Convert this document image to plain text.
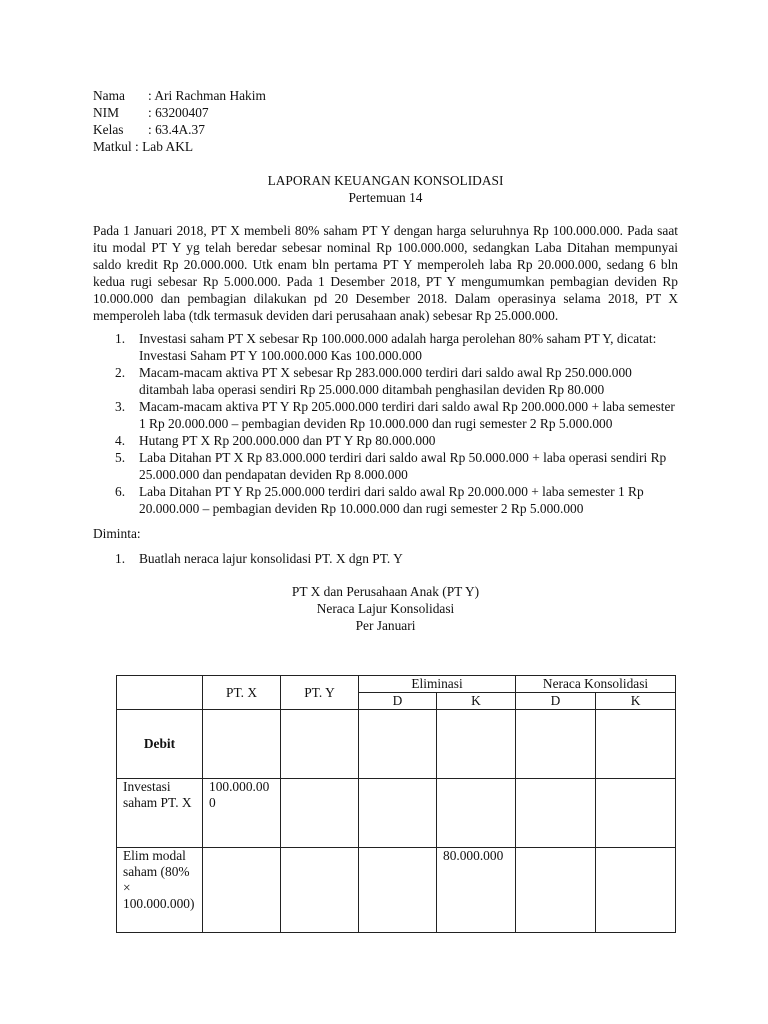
Nama	: Ari Rachman Hakim
NIM	: 63200407
Kelas	: 63.4A.37
Matkul : Lab AKL
LAPORAN KEUANGAN KONSOLIDASI
Pertemuan 14

Pada 1 Januari 2018, PT X membeli 80% saham PT Y dengan harga seluruhnya Rp 100.000.000. Pada saat itu modal PT Y yg telah beredar sebesar nominal Rp 100.000.000, sedangkan Laba Ditahan mempunyai saldo kredit Rp 20.000.000. Utk enam bln pertama PT Y memperoleh laba Rp 20.000.000, sedang 6 bln kedua rugi sebesar Rp 5.000.000. Pada 1 Desember 2018, PT Y mengumumkan pembagian deviden Rp 10.000.000 dan pembagian dilakukan pd 20 Desember 2018. Dalam operasinya selama 2018, PT X memperoleh laba (tdk termasuk deviden dari perusahaan anak) sebesar Rp 25.000.000.

1. Investasi saham PT X sebesar Rp 100.000.000 adalah harga perolehan 80% saham PT Y, dicatat: Investasi Saham PT Y 100.000.000 Kas 100.000.000
2. Macam-macam aktiva PT X sebesar Rp 283.000.000 terdiri dari saldo awal Rp 250.000.000 ditambah laba operasi sendiri Rp 25.000.000 ditambah penghasilan deviden Rp 80.000
3. Macam-macam aktiva PT Y Rp 205.000.000 terdiri dari saldo awal Rp 200.000.000 + laba semester 1 Rp 20.000.000 – pembagian deviden Rp 10.000.000 dan rugi semester 2 Rp 5.000.000
4. Hutang PT X Rp 200.000.000 dan PT Y Rp 80.000.000
5. Laba Ditahan PT X Rp 83.000.000 terdiri dari saldo awal Rp 50.000.000 + laba operasi sendiri Rp 25.000.000 dan pendapatan deviden Rp 8.000.000
6. Laba Ditahan PT Y Rp 25.000.000 terdiri dari saldo awal Rp 20.000.000 + laba semester 1 Rp 20.000.000 – pembagian deviden Rp 10.000.000 dan rugi semester 2 Rp 5.000.000
Diminta:
1. Buatlah neraca lajur konsolidasi PT. X dgn PT. Y
PT X dan Perusahaan Anak (PT Y)
Neraca Lajur Konsolidasi
Per Januari
	PT. X	PT. Y	Eliminasi		Neraca Konsolidasi	
			D	K	D	K
Debit						
Investasi saham PT. X	100.000.000					
Elim modal saham (80% × 100.000.000)				80.000.000		
